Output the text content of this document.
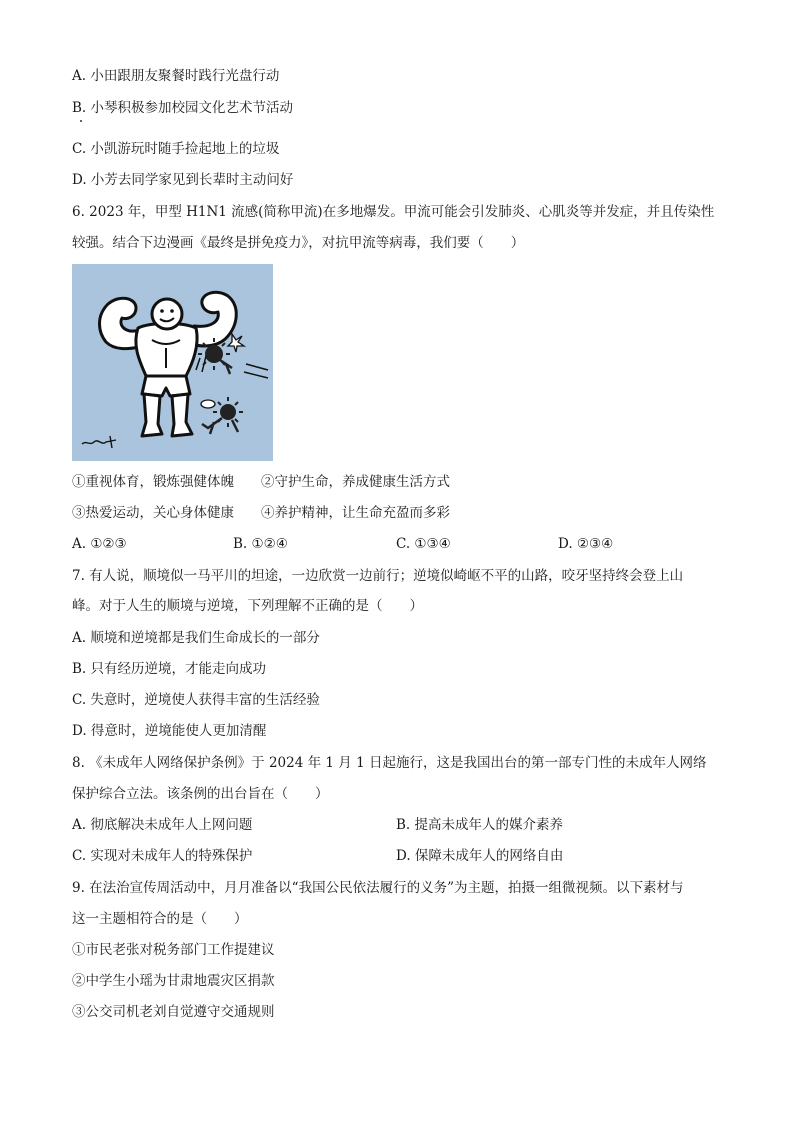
A. 小田跟朋友聚餐时践行光盘行动
B. 小琴积极参加校园文化艺术节活动
C. 小凯游玩时随手捡起地上的垃圾
D. 小芳去同学家见到长辈时主动问好
6. 2023 年，甲型 H1N1 流感(简称甲流)在多地爆发。甲流可能会引发肺炎、心肌炎等并发症，并且传染性
较强。结合下边漫画《最终是拼免疫力》，对抗甲流等病毒，我们要（　　）
①重视体育，锻炼强健体魄　　②守护生命，养成健康生活方式
③热爱运动，关心身体健康　　④养护精神，让生命充盈而多彩
A. ①②③	B. ①②④	C. ①③④	D. ②③④
7. 有人说，顺境似一马平川的坦途，一边欣赏一边前行；逆境似崎岖不平的山路，咬牙坚持终会登上山
峰。对于人生的顺境与逆境，下列理解不正确的是（　　）
A. 顺境和逆境都是我们生命成长的一部分
B. 只有经历逆境，才能走向成功
C. 失意时，逆境使人获得丰富的生活经验
D. 得意时，逆境能使人更加清醒
8. 《未成年人网络保护条例》于 2024 年 1 月 1 日起施行，这是我国出台的第一部专门性的未成年人网络
保护综合立法。该条例的出台旨在（　　）
A. 彻底解决未成年人上网问题	B. 提高未成年人的媒介素养
C. 实现对未成年人的特殊保护	D. 保障未成年人的网络自由
9. 在法治宣传周活动中，月月准备以“我国公民依法履行的义务”为主题，拍摄一组微视频。以下素材与
这一主题相符合的是（　　）
①市民老张对税务部门工作提建议
②中学生小瑶为甘肃地震灾区捐款
③公交司机老刘自觉遵守交通规则
